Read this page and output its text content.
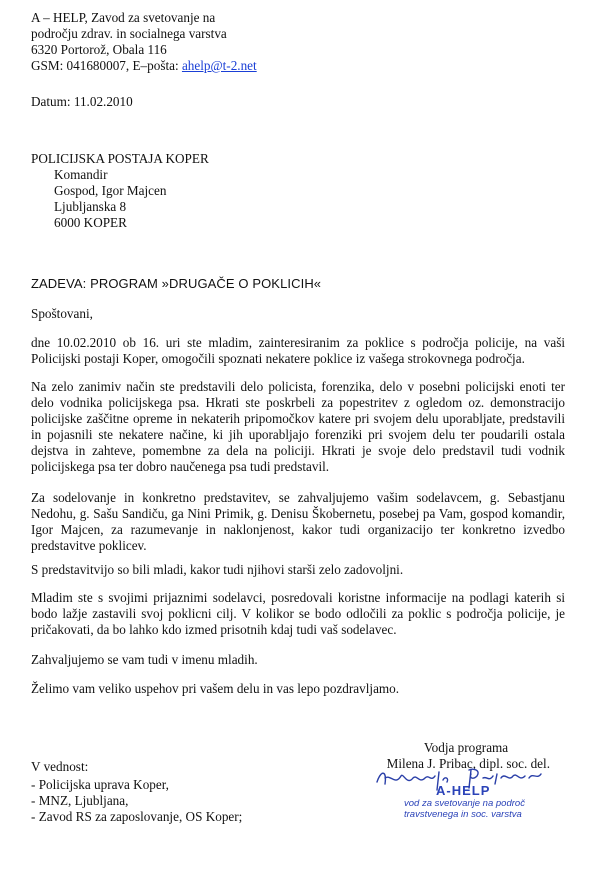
A – HELP, Zavod za svetovanje na
področju zdrav. in socialnega varstva
6320 Portorož, Obala 116
GSM: 041680007, E–pošta: ahelp@t-2.net
Datum: 11.02.2010
POLICIJSKA POSTAJA KOPER
Komandir
Gospod, Igor Majcen
Ljubljanska 8
6000 KOPER
ZADEVA: PROGRAM »DRUGAČE O POKLICIH«
Spoštovani,
dne 10.02.2010 ob 16. uri ste mladim, zainteresiranim za poklice s področja policije, na vaši Policijski postaji Koper, omogočili spoznati nekatere poklice iz vašega strokovnega področja.
Na zelo zanimiv način ste predstavili delo policista, forenzika, delo v posebni policijski enoti ter delo vodnika policijskega psa. Hkrati ste poskrbeli za popestritev z ogledom oz. demonstracijo policijske zaščitne opreme in nekaterih pripomočkov katere pri svojem delu uporabljate, predstavili in pojasnili ste nekatere načine, ki jih uporabljajo forenziki pri svojem delu ter poudarili ostala dejstva in zahteve, pomembne za dela na policiji. Hkrati je svoje delo predstavil tudi vodnik policijskega psa ter dobro naučenega psa tudi predstavil.
Za sodelovanje in konkretno predstavitev, se zahvaljujemo vašim sodelavcem, g. Sebastjanu Nedohu, g. Sašu Sandiču, ga Nini Primik, g. Denisu Škobernetu, posebej pa Vam, gospod komandir, Igor Majcen, za razumevanje in naklonjenost, kakor tudi organizacijo ter konkretno izvedbo predstavitve poklicev.
S predstavitvijo so bili mladi, kakor tudi njihovi starši zelo zadovoljni.
Mladim ste s svojimi prijaznimi sodelavci, posredovali koristne informacije na podlagi katerih si bodo lažje zastavili svoj poklicni cilj. V kolikor se bodo odločili za poklic s področja policije, je pričakovati, da bo lahko kdo izmed prisotnih kdaj tudi vaš sodelavec.
Zahvaljujemo se vam tudi v imenu mladih.
Želimo vam veliko uspehov pri vašem delu in vas lepo pozdravljamo.
Vodja programa
Milena J. Pribac, dipl. soc. del.
A-HELP
vod za svetovanje na področ
travstvenega in soc. varstva
V vednost:
- Policijska uprava Koper,
- MNZ, Ljubljana,
- Zavod RS za zaposlovanje, OS Koper;
